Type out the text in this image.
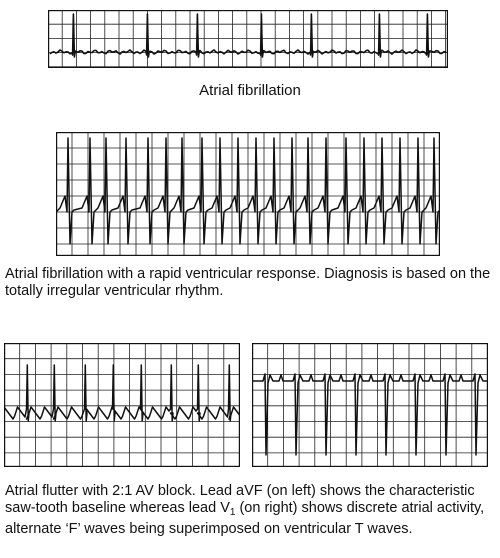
Atrial fibrillation
Atrial fibrillation with a rapid ventricular response. Diagnosis is based on the totally irregular ventricular rhythm.
Atrial flutter with 2:1 AV block. Lead aVF (on left) shows the characteristic saw-tooth baseline whereas lead $V_1$ (on right) shows discrete atrial activity, alternate ‘F’ waves being superimposed on ventricular T waves.
